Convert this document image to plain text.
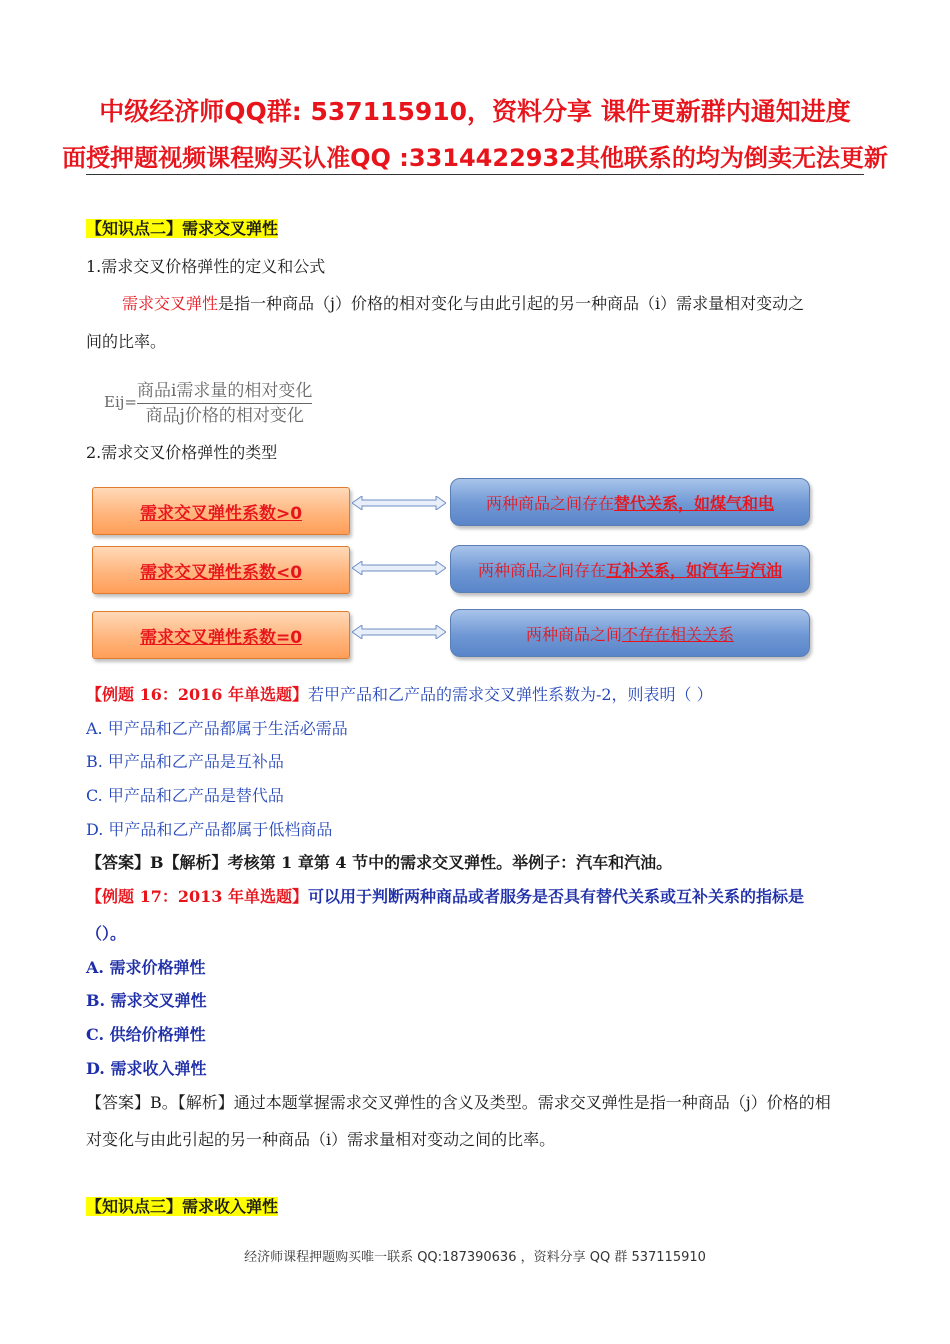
中级经济师QQ群: 537115910，资料分享 课件更新群内通知进度
面授押题视频课程购买认准QQ :3314422932其他联系的均为倒卖无法更新
【知识点二】需求交叉弹性
1.需求交叉价格弹性的定义和公式
需求交叉弹性是指一种商品（j）价格的相对变化与由此引起的另一种商品（i）需求量相对变动之
间的比率。
Eij=
商品i需求量的相对变化
商品j价格的相对变化
2.需求交叉价格弹性的类型
需求交叉弹性系数>0
两种商品之间存在 替代关系，如煤气和电
需求交叉弹性系数<0	两种商品之间存在 互补关系，如汽车与汽油
需求交叉弹性系数=0	两种商品之间 不存在相关关系
【例题 16：2016 年单选题】若甲产品和乙产品的需求交叉弹性系数为-2，则表明（ ）
A. 甲产品和乙产品都属于生活必需品
B. 甲产品和乙产品是互补品
C. 甲产品和乙产品是替代品
D. 甲产品和乙产品都属于低档商品
【答案】B【解析】考核第 1 章第 4 节中的需求交叉弹性。举例子：汽车和汽油。
【例题 17：2013 年单选题】可以用于判断两种商品或者服务是否具有替代关系或互补关系的指标是
（）。
A. 需求价格弹性
B. 需求交叉弹性
C. 供给价格弹性
D. 需求收入弹性
【答案】B。【解析】通过本题掌握需求交叉弹性的含义及类型。需求交叉弹性是指一种商品（j）价格的相
对变化与由此引起的另一种商品（i）需求量相对变动之间的比率。
【知识点三】需求收入弹性
经济师课程押题购买唯一联系 QQ:187390636 ，资料分享 QQ 群 537115910
